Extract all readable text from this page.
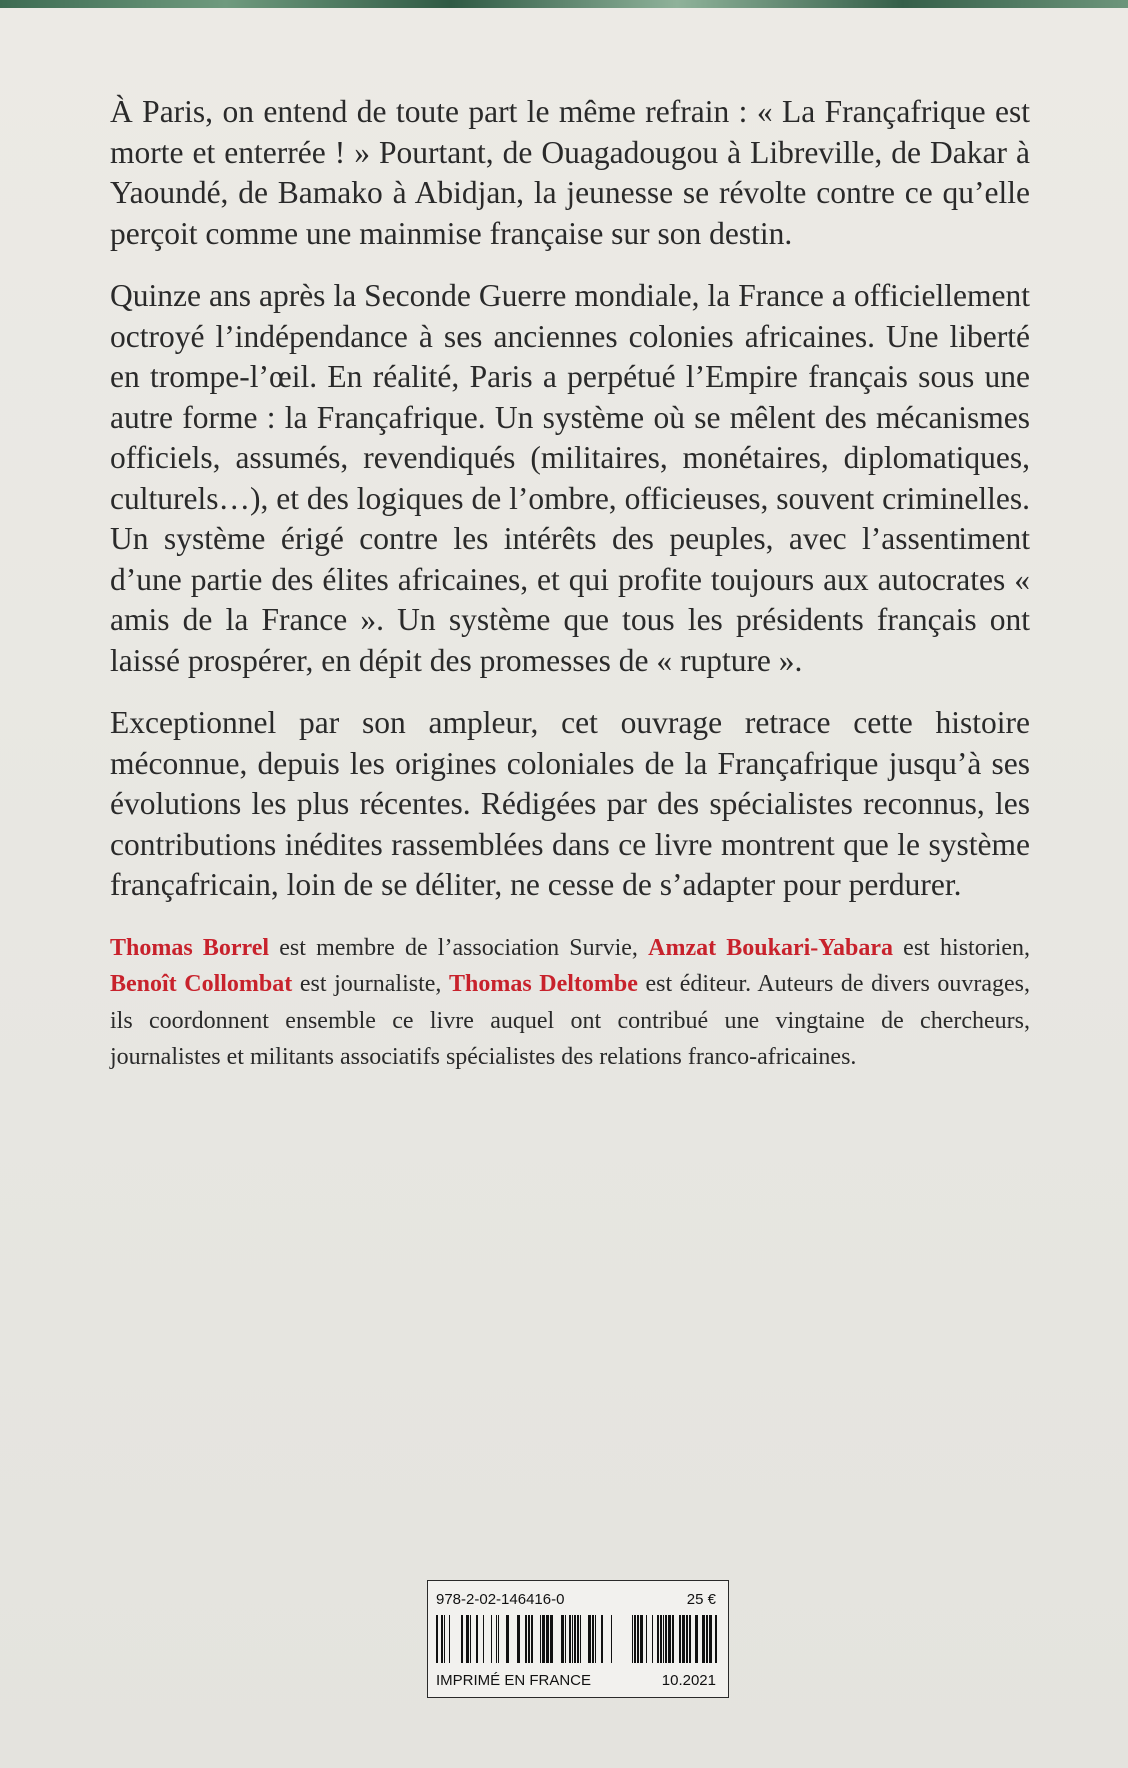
À Paris, on entend de toute part le même refrain : « La Françafrique est morte et enterrée ! » Pourtant, de Ouagadougou à Libreville, de Dakar à Yaoundé, de Bamako à Abidjan, la jeunesse se révolte contre ce qu’elle perçoit comme une mainmise française sur son destin.

Quinze ans après la Seconde Guerre mondiale, la France a officiellement octroyé l’indépendance à ses anciennes colonies africaines. Une liberté en trompe-l’œil. En réalité, Paris a perpétué l’Empire français sous une autre forme : la Françafrique. Un système où se mêlent des mécanismes officiels, assumés, revendiqués (militaires, monétaires, diplomatiques, culturels…), et des logiques de l’ombre, officieuses, souvent criminelles. Un système érigé contre les intérêts des peuples, avec l’assentiment d’une partie des élites africaines, et qui profite toujours aux autocrates « amis de la France ». Un système que tous les présidents français ont laissé prospérer, en dépit des promesses de « rupture ».

Exceptionnel par son ampleur, cet ouvrage retrace cette histoire méconnue, depuis les origines coloniales de la Françafrique jusqu’à ses évolutions les plus récentes. Rédigées par des spécialistes reconnus, les contributions inédites rassemblées dans ce livre montrent que le système françafricain, loin de se déliter, ne cesse de s’adapter pour perdurer.

Thomas Borrel est membre de l’association Survie, Amzat Boukari-Yabara est historien, Benoît Collombat est journaliste, Thomas Deltombe est éditeur. Auteurs de divers ouvrages, ils coordonnent ensemble ce livre auquel ont contribué une vingtaine de chercheurs, journalistes et militants associatifs spécialistes des relations franco-africaines.

978-2-02-146416-0	25 €
IMPRIMÉ EN FRANCE	10.2021
